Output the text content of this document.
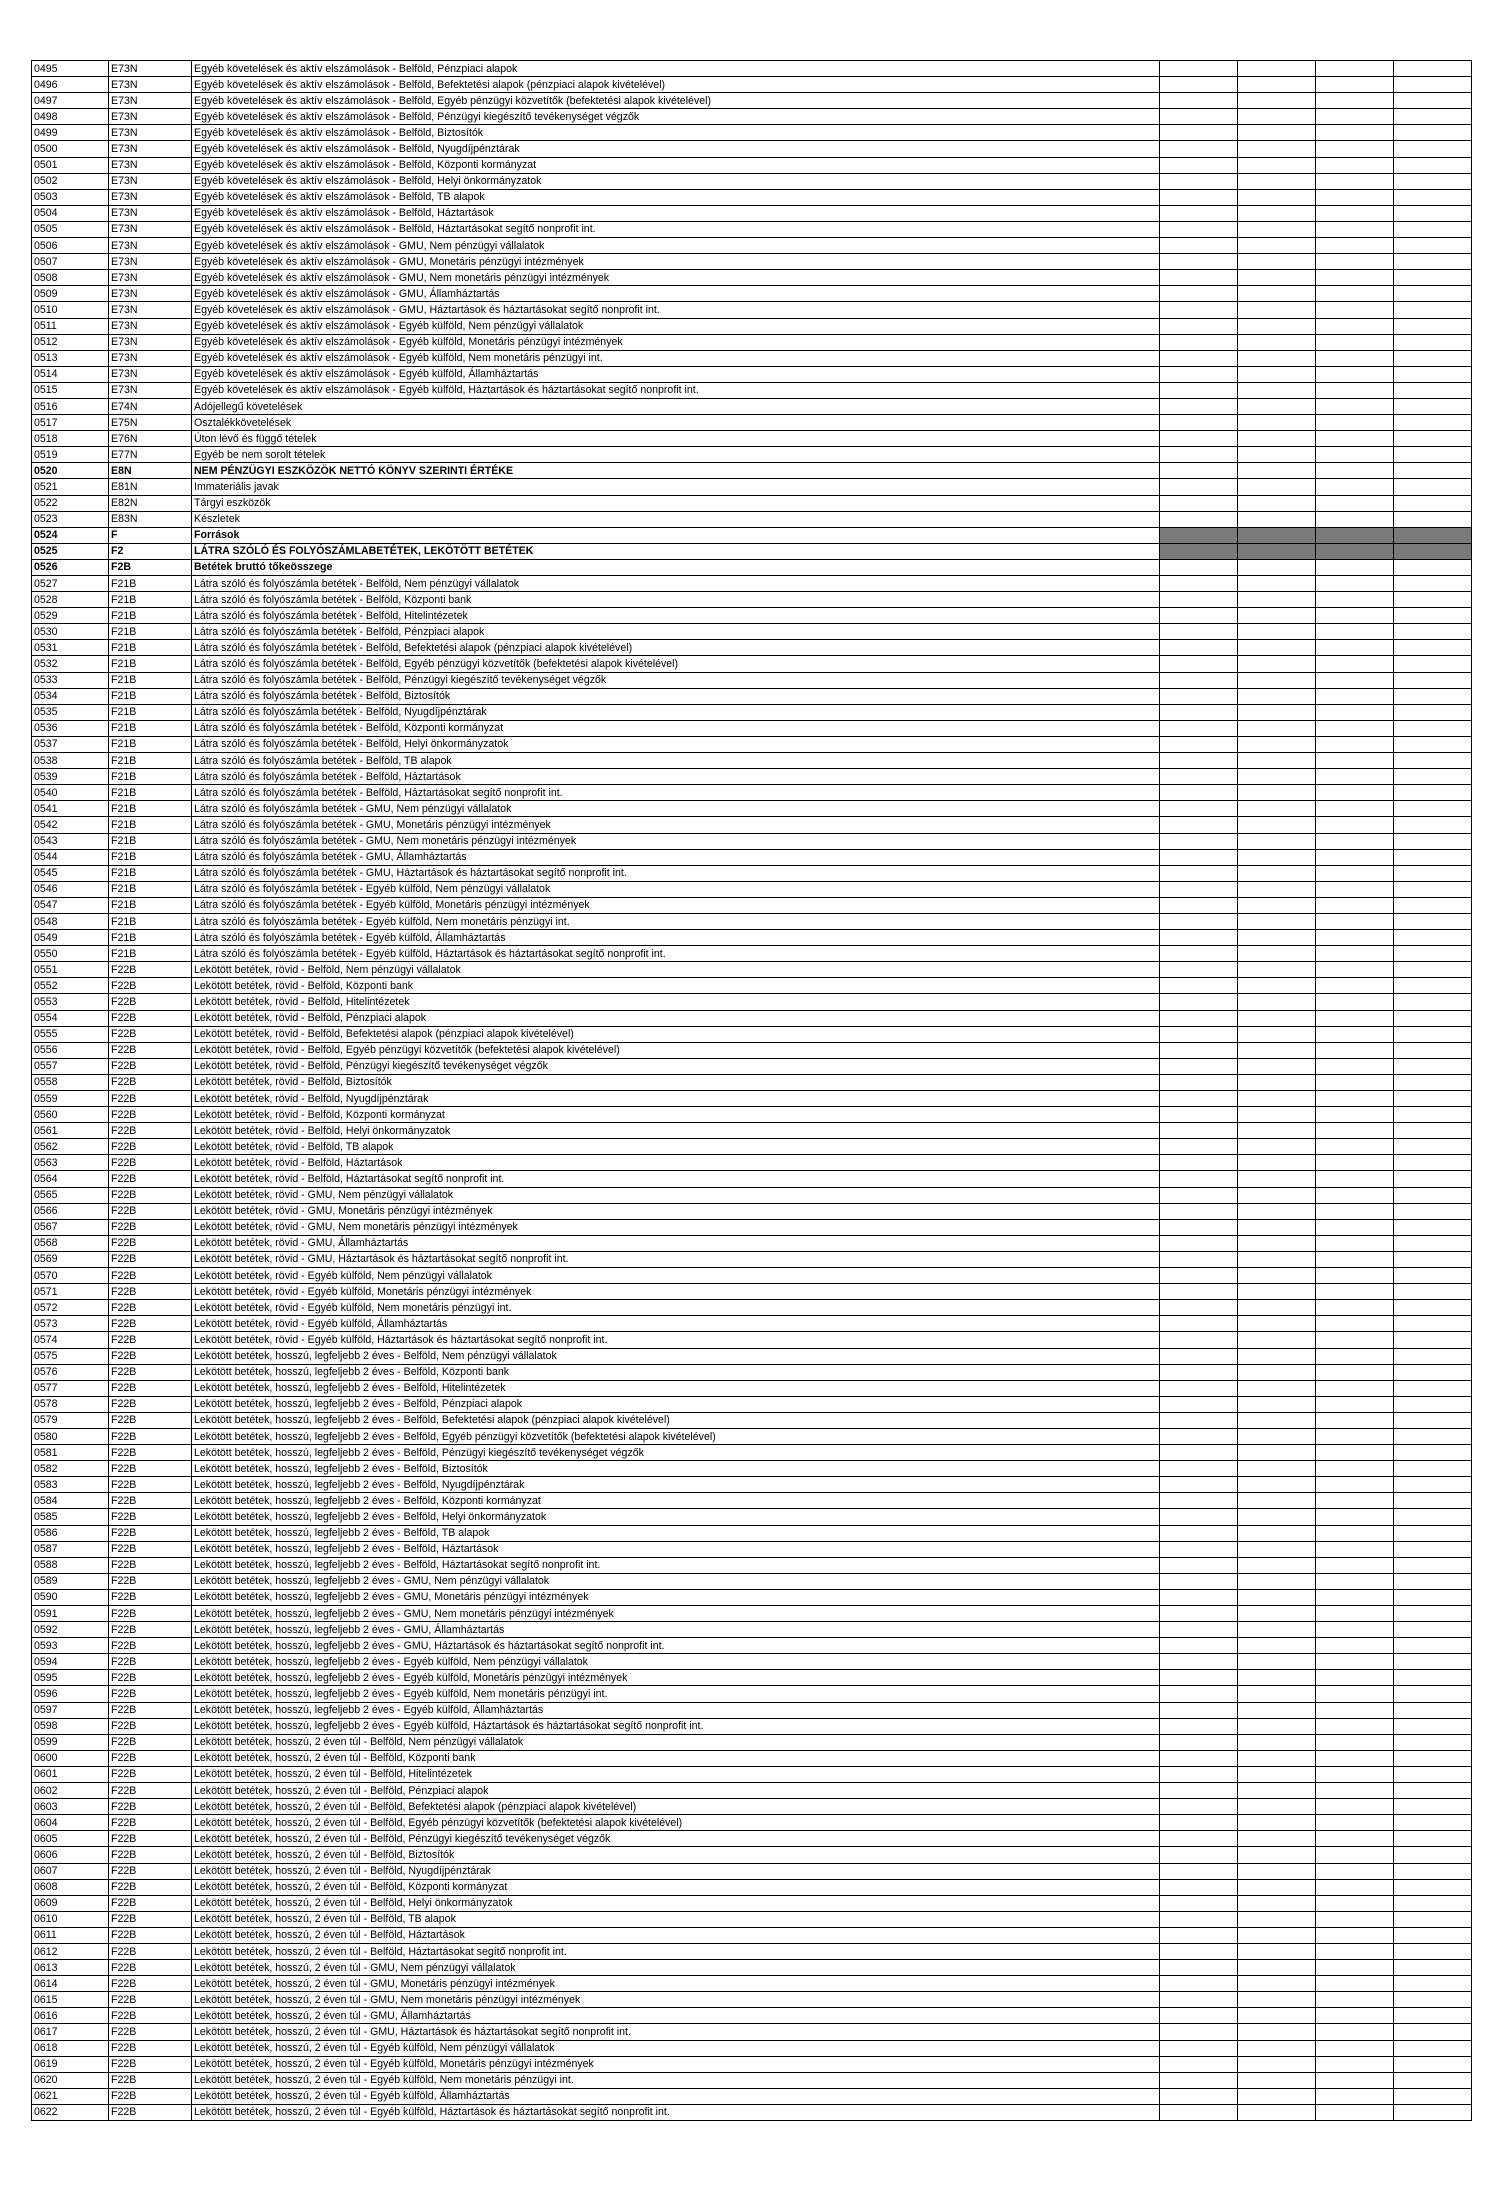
0495	E73N	Egyéb követelések és aktív elszámolások - Belföld, Pénzpiaci alapok				
0496	E73N	Egyéb követelések és aktív elszámolások - Belföld, Befektetési alapok (pénzpiaci alapok kivételével)				
0497	E73N	Egyéb követelések és aktív elszámolások - Belföld, Egyéb pénzügyi közvetítők (befektetési alapok kivételével)				
0498	E73N	Egyéb követelések és aktív elszámolások - Belföld, Pénzügyi kiegészítő tevékenységet végzők				
0499	E73N	Egyéb követelések és aktív elszámolások - Belföld, Biztosítók				
0500	E73N	Egyéb követelések és aktív elszámolások - Belföld, Nyugdíjpénztárak				
0501	E73N	Egyéb követelések és aktív elszámolások - Belföld, Központi kormányzat				
0502	E73N	Egyéb követelések és aktív elszámolások - Belföld, Helyi önkormányzatok				
0503	E73N	Egyéb követelések és aktív elszámolások - Belföld, TB alapok				
0504	E73N	Egyéb követelések és aktív elszámolások - Belföld, Háztartások				
0505	E73N	Egyéb követelések és aktív elszámolások - Belföld, Háztartásokat segítő nonprofit int.				
0506	E73N	Egyéb követelések és aktív elszámolások - GMU, Nem pénzügyi vállalatok				
0507	E73N	Egyéb követelések és aktív elszámolások - GMU, Monetáris pénzügyi intézmények				
0508	E73N	Egyéb követelések és aktív elszámolások - GMU, Nem monetáris pénzügyi intézmények				
0509	E73N	Egyéb követelések és aktív elszámolások - GMU, Államháztartás				
0510	E73N	Egyéb követelések és aktív elszámolások - GMU, Háztartások és háztartásokat segítő nonprofit int.				
0511	E73N	Egyéb követelések és aktív elszámolások - Egyéb külföld, Nem pénzügyi vállalatok				
0512	E73N	Egyéb követelések és aktív elszámolások - Egyéb külföld, Monetáris pénzügyi intézmények				
0513	E73N	Egyéb követelések és aktív elszámolások - Egyéb külföld, Nem monetáris pénzügyi int.				
0514	E73N	Egyéb követelések és aktív elszámolások - Egyéb külföld, Államháztartás				
0515	E73N	Egyéb követelések és aktív elszámolások - Egyéb külföld, Háztartások és háztartásokat segítő nonprofit int.				
0516	E74N	Adójellegű követelések				
0517	E75N	Osztalékkövetelések				
0518	E76N	Úton lévő és függő tételek				
0519	E77N	Egyéb be nem sorolt tételek				
0520	E8N	NEM PÉNZÜGYI ESZKÖZÖK NETTÓ KÖNYV SZERINTI ÉRTÉKE				
0521	E81N	Immateriális javak				
0522	E82N	Tárgyi eszközök				
0523	E83N	Készletek				
0524	F	Források				
0525	F2	LÁTRA SZÓLÓ ÉS FOLYÓSZÁMLABETÉTEK, LEKÖTÖTT BETÉTEK				
0526	F2B	Betétek bruttó tőkeösszege				
0527	F21B	Látra szóló és folyószámla betétek - Belföld, Nem pénzügyi vállalatok				
0528	F21B	Látra szóló és folyószámla betétek - Belföld, Központi bank				
0529	F21B	Látra szóló és folyószámla betétek - Belföld, Hitelintézetek				
0530	F21B	Látra szóló és folyószámla betétek - Belföld, Pénzpiaci alapok				
0531	F21B	Látra szóló és folyószámla betétek - Belföld, Befektetési alapok (pénzpiaci alapok kivételével)				
0532	F21B	Látra szóló és folyószámla betétek - Belföld, Egyéb pénzügyi közvetítők (befektetési alapok kivételével)				
0533	F21B	Látra szóló és folyószámla betétek - Belföld, Pénzügyi kiegészítő tevékenységet végzők				
0534	F21B	Látra szóló és folyószámla betétek - Belföld, Biztosítók				
0535	F21B	Látra szóló és folyószámla betétek - Belföld, Nyugdíjpénztárak				
0536	F21B	Látra szóló és folyószámla betétek - Belföld, Központi kormányzat				
0537	F21B	Látra szóló és folyószámla betétek - Belföld, Helyi önkormányzatok				
0538	F21B	Látra szóló és folyószámla betétek - Belföld, TB alapok				
0539	F21B	Látra szóló és folyószámla betétek - Belföld, Háztartások				
0540	F21B	Látra szóló és folyószámla betétek - Belföld, Háztartásokat segítő nonprofit int.				
0541	F21B	Látra szóló és folyószámla betétek - GMU, Nem pénzügyi vállalatok				
0542	F21B	Látra szóló és folyószámla betétek - GMU, Monetáris pénzügyi intézmények				
0543	F21B	Látra szóló és folyószámla betétek - GMU, Nem monetáris pénzügyi intézmények				
0544	F21B	Látra szóló és folyószámla betétek - GMU, Államháztartás				
0545	F21B	Látra szóló és folyószámla betétek - GMU, Háztartások és háztartásokat segítő nonprofit int.				
0546	F21B	Látra szóló és folyószámla betétek - Egyéb külföld, Nem pénzügyi vállalatok				
0547	F21B	Látra szóló és folyószámla betétek - Egyéb külföld, Monetáris pénzügyi intézmények				
0548	F21B	Látra szóló és folyószámla betétek - Egyéb külföld, Nem monetáris pénzügyi int.				
0549	F21B	Látra szóló és folyószámla betétek - Egyéb külföld, Államháztartás				
0550	F21B	Látra szóló és folyószámla betétek - Egyéb külföld, Háztartások és háztartásokat segítő nonprofit int.				
0551	F22B	Lekötött betétek, rövid - Belföld, Nem pénzügyi vállalatok				
0552	F22B	Lekötött betétek, rövid - Belföld, Központi bank				
0553	F22B	Lekötött betétek, rövid - Belföld, Hitelintézetek				
0554	F22B	Lekötött betétek, rövid - Belföld, Pénzpiaci alapok				
0555	F22B	Lekötött betétek, rövid - Belföld, Befektetési alapok (pénzpiaci alapok kivételével)				
0556	F22B	Lekötött betétek, rövid - Belföld, Egyéb pénzügyi közvetítők (befektetési alapok kivételével)				
0557	F22B	Lekötött betétek, rövid - Belföld, Pénzügyi kiegészítő tevékenységet végzők				
0558	F22B	Lekötött betétek, rövid - Belföld, Biztosítók				
0559	F22B	Lekötött betétek, rövid - Belföld, Nyugdíjpénztárak				
0560	F22B	Lekötött betétek, rövid - Belföld, Központi kormányzat				
0561	F22B	Lekötött betétek, rövid - Belföld, Helyi önkormányzatok				
0562	F22B	Lekötött betétek, rövid - Belföld, TB alapok				
0563	F22B	Lekötött betétek, rövid - Belföld, Háztartások				
0564	F22B	Lekötött betétek, rövid - Belföld, Háztartásokat segítő nonprofit int.				
0565	F22B	Lekötött betétek, rövid - GMU, Nem pénzügyi vállalatok				
0566	F22B	Lekötött betétek, rövid - GMU, Monetáris pénzügyi intézmények				
0567	F22B	Lekötött betétek, rövid - GMU, Nem monetáris pénzügyi intézmények				
0568	F22B	Lekötött betétek, rövid - GMU, Államháztartás				
0569	F22B	Lekötött betétek, rövid - GMU, Háztartások és háztartásokat segítő nonprofit int.				
0570	F22B	Lekötött betétek, rövid - Egyéb külföld, Nem pénzügyi vállalatok				
0571	F22B	Lekötött betétek, rövid - Egyéb külföld, Monetáris pénzügyi intézmények				
0572	F22B	Lekötött betétek, rövid - Egyéb külföld, Nem monetáris pénzügyi int.				
0573	F22B	Lekötött betétek, rövid - Egyéb külföld, Államháztartás				
0574	F22B	Lekötött betétek, rövid - Egyéb külföld, Háztartások és háztartásokat segítő nonprofit int.				
0575	F22B	Lekötött betétek, hosszú, legfeljebb 2 éves - Belföld, Nem pénzügyi vállalatok				
0576	F22B	Lekötött betétek, hosszú, legfeljebb 2 éves - Belföld, Központi bank				
0577	F22B	Lekötött betétek, hosszú, legfeljebb 2 éves - Belföld, Hitelintézetek				
0578	F22B	Lekötött betétek, hosszú, legfeljebb 2 éves - Belföld, Pénzpiaci alapok				
0579	F22B	Lekötött betétek, hosszú, legfeljebb 2 éves - Belföld, Befektetési alapok (pénzpiaci alapok kivételével)				
0580	F22B	Lekötött betétek, hosszú, legfeljebb 2 éves - Belföld, Egyéb pénzügyi közvetítők (befektetési alapok kivételével)				
0581	F22B	Lekötött betétek, hosszú, legfeljebb 2 éves - Belföld, Pénzügyi kiegészítő tevékenységet végzők				
0582	F22B	Lekötött betétek, hosszú, legfeljebb 2 éves - Belföld, Biztosítók				
0583	F22B	Lekötött betétek, hosszú, legfeljebb 2 éves - Belföld, Nyugdíjpénztárak				
0584	F22B	Lekötött betétek, hosszú, legfeljebb 2 éves - Belföld, Központi kormányzat				
0585	F22B	Lekötött betétek, hosszú, legfeljebb 2 éves - Belföld, Helyi önkormányzatok				
0586	F22B	Lekötött betétek, hosszú, legfeljebb 2 éves - Belföld, TB alapok				
0587	F22B	Lekötött betétek, hosszú, legfeljebb 2 éves - Belföld, Háztartások				
0588	F22B	Lekötött betétek, hosszú, legfeljebb 2 éves - Belföld, Háztartásokat segítő nonprofit int.				
0589	F22B	Lekötött betétek, hosszú, legfeljebb 2 éves - GMU, Nem pénzügyi vállalatok				
0590	F22B	Lekötött betétek, hosszú, legfeljebb 2 éves - GMU, Monetáris pénzügyi intézmények				
0591	F22B	Lekötött betétek, hosszú, legfeljebb 2 éves - GMU, Nem monetáris pénzügyi intézmények				
0592	F22B	Lekötött betétek, hosszú, legfeljebb 2 éves - GMU, Államháztartás				
0593	F22B	Lekötött betétek, hosszú, legfeljebb 2 éves - GMU, Háztartások és háztartásokat segítő nonprofit int.				
0594	F22B	Lekötött betétek, hosszú, legfeljebb 2 éves - Egyéb külföld, Nem pénzügyi vállalatok				
0595	F22B	Lekötött betétek, hosszú, legfeljebb 2 éves - Egyéb külföld, Monetáris pénzügyi intézmények				
0596	F22B	Lekötött betétek, hosszú, legfeljebb 2 éves - Egyéb külföld, Nem monetáris pénzügyi int.				
0597	F22B	Lekötött betétek, hosszú, legfeljebb 2 éves - Egyéb külföld, Államháztartás				
0598	F22B	Lekötött betétek, hosszú, legfeljebb 2 éves - Egyéb külföld, Háztartások és háztartásokat segítő nonprofit int.				
0599	F22B	Lekötött betétek, hosszú, 2 éven túl - Belföld, Nem pénzügyi vállalatok				
0600	F22B	Lekötött betétek, hosszú, 2 éven túl - Belföld, Központi bank				
0601	F22B	Lekötött betétek, hosszú, 2 éven túl - Belföld, Hitelintézetek				
0602	F22B	Lekötött betétek, hosszú, 2 éven túl - Belföld, Pénzpiaci alapok				
0603	F22B	Lekötött betétek, hosszú, 2 éven túl - Belföld, Befektetési alapok (pénzpiaci alapok kivételével)				
0604	F22B	Lekötött betétek, hosszú, 2 éven túl - Belföld, Egyéb pénzügyi közvetítők (befektetési alapok kivételével)				
0605	F22B	Lekötött betétek, hosszú, 2 éven túl - Belföld, Pénzügyi kiegészítő tevékenységet végzők				
0606	F22B	Lekötött betétek, hosszú, 2 éven túl - Belföld, Biztosítók				
0607	F22B	Lekötött betétek, hosszú, 2 éven túl - Belföld, Nyugdíjpénztárak				
0608	F22B	Lekötött betétek, hosszú, 2 éven túl - Belföld, Központi kormányzat				
0609	F22B	Lekötött betétek, hosszú, 2 éven túl - Belföld, Helyi önkormányzatok				
0610	F22B	Lekötött betétek, hosszú, 2 éven túl - Belföld, TB alapok				
0611	F22B	Lekötött betétek, hosszú, 2 éven túl - Belföld, Háztartások				
0612	F22B	Lekötött betétek, hosszú, 2 éven túl - Belföld, Háztartásokat segítő nonprofit int.				
0613	F22B	Lekötött betétek, hosszú, 2 éven túl - GMU, Nem pénzügyi vállalatok				
0614	F22B	Lekötött betétek, hosszú, 2 éven túl - GMU, Monetáris pénzügyi intézmények				
0615	F22B	Lekötött betétek, hosszú, 2 éven túl - GMU, Nem monetáris pénzügyi intézmények				
0616	F22B	Lekötött betétek, hosszú, 2 éven túl - GMU, Államháztartás				
0617	F22B	Lekötött betétek, hosszú, 2 éven túl - GMU, Háztartások és háztartásokat segítő nonprofit int.				
0618	F22B	Lekötött betétek, hosszú, 2 éven túl - Egyéb külföld, Nem pénzügyi vállalatok				
0619	F22B	Lekötött betétek, hosszú, 2 éven túl - Egyéb külföld, Monetáris pénzügyi intézmények				
0620	F22B	Lekötött betétek, hosszú, 2 éven túl - Egyéb külföld, Nem monetáris pénzügyi int.				
0621	F22B	Lekötött betétek, hosszú, 2 éven túl - Egyéb külföld, Államháztartás				
0622	F22B	Lekötött betétek, hosszú, 2 éven túl - Egyéb külföld, Háztartások és háztartásokat segítő nonprofit int.				
